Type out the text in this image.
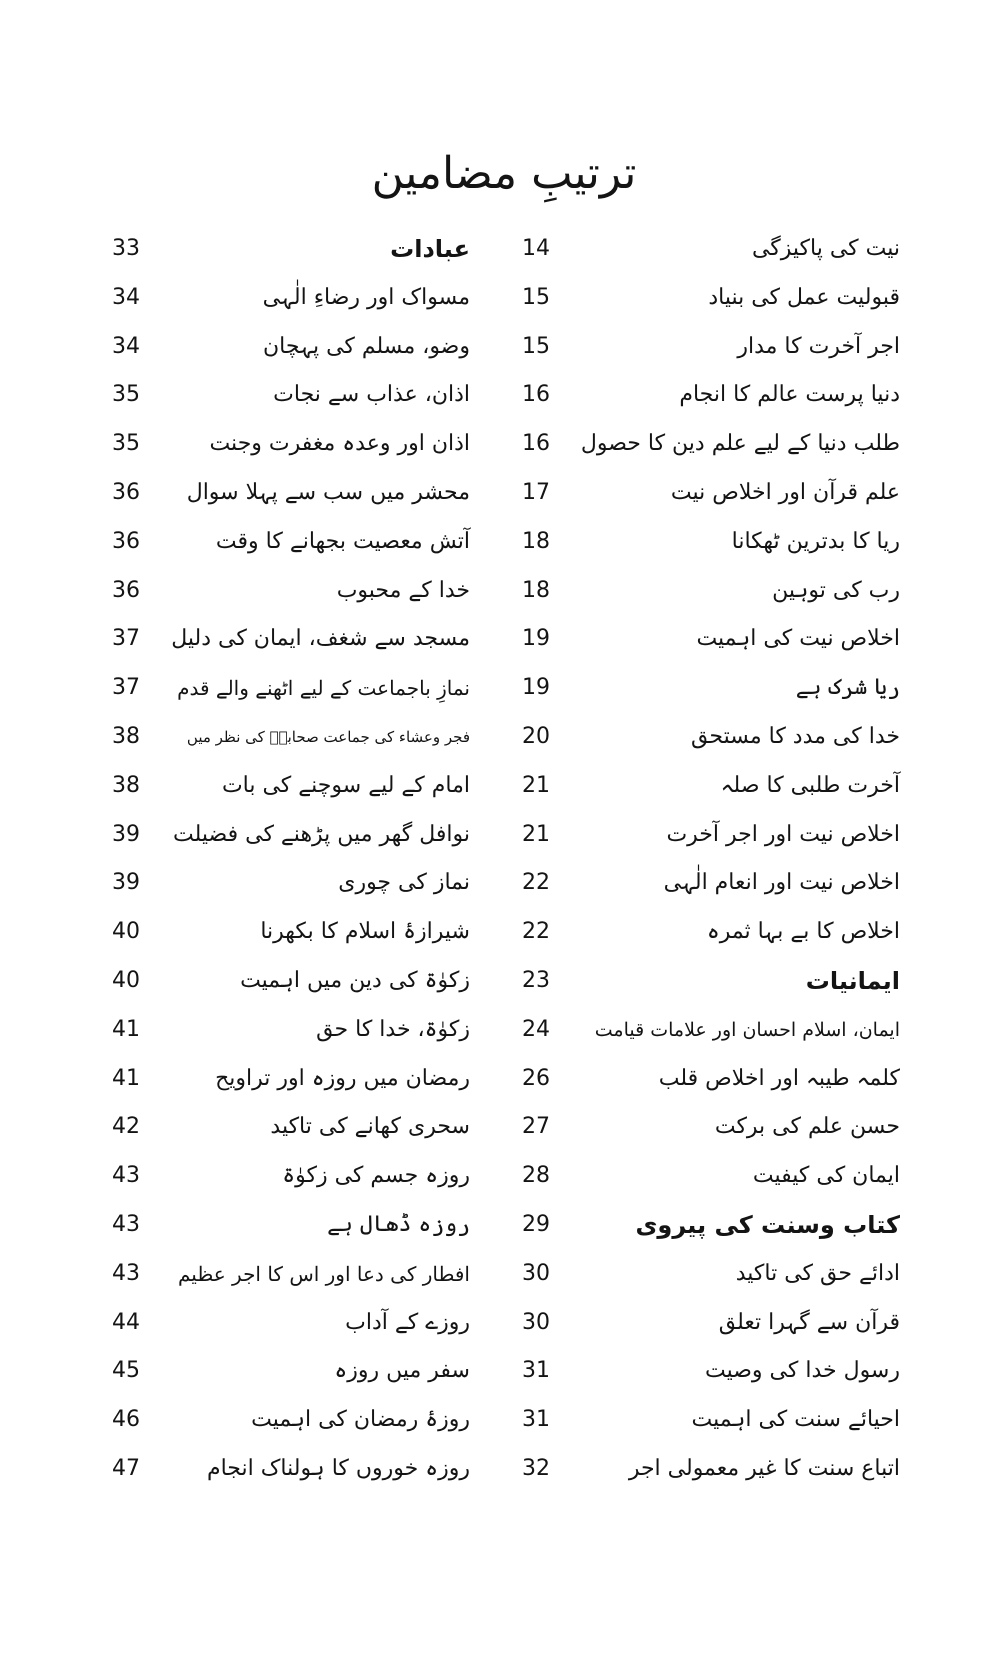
ترتیبِ مضامین
نیت کی پاکیزگی
14
قبولیت عمل کی بنیاد
15
اجر آخرت کا مدار
15
دنیا پرست عالم کا انجام
16
طلب دنیا کے لیے علم دین کا حصول
16
علم قرآن اور اخلاص نیت
17
ریا کا بدترین ٹھکانا
18
رب کی توہین
18
اخلاص نیت کی اہمیت
19
ریا شرک ہے
19
خدا کی مدد کا مستحق
20
آخرت طلبی کا صلہ
21
اخلاص نیت اور اجر آخرت
21
اخلاص نیت اور انعام الٰہی
22
اخلاص کا بے بہا ثمرہ
22
ایمانیات
23
ایمان، اسلام احسان اور علامات قیامت
24
کلمہ طیبہ اور اخلاص قلب
26
حسن علم کی برکت
27
ایمان کی کیفیت
28
کتاب وسنت کی پیروی
29
ادائے حق کی تاکید
30
قرآن سے گہرا تعلق
30
رسول خدا کی وصیت
31
احیائے سنت کی اہمیت
31
اتباع سنت کا غیر معمولی اجر
32
عبادات
33
مسواک اور رضاءِ الٰہی
34
وضو، مسلم کی پہچان
34
اذان، عذاب سے نجات
35
اذان اور وعدہ مغفرت وجنت
35
محشر میں سب سے پہلا سوال
36
آتش معصیت بجھانے کا وقت
36
خدا کے محبوب
36
مسجد سے شغف، ایمان کی دلیل
37
نمازِ باجماعت کے لیے اٹھنے والے قدم
37
فجر وعشاء کی جماعت صحابہؓ کی نظر میں
38
امام کے لیے سوچنے کی بات
38
نوافل گھر میں پڑھنے کی فضیلت
39
نماز کی چوری
39
شیرازۂ اسلام کا بکھرنا
40
زکوٰۃ کی دین میں اہمیت
40
زکوٰۃ، خدا کا حق
41
رمضان میں روزہ اور تراویح
41
سحری کھانے کی تاکید
42
روزہ جسم کی زکوٰۃ
43
روزہ ڈھال ہے
43
افطار کی دعا اور اس کا اجر عظیم
43
روزے کے آداب
44
سفر میں روزہ
45
روزۂ رمضان کی اہمیت
46
روزہ خوروں کا ہولناک انجام
47
